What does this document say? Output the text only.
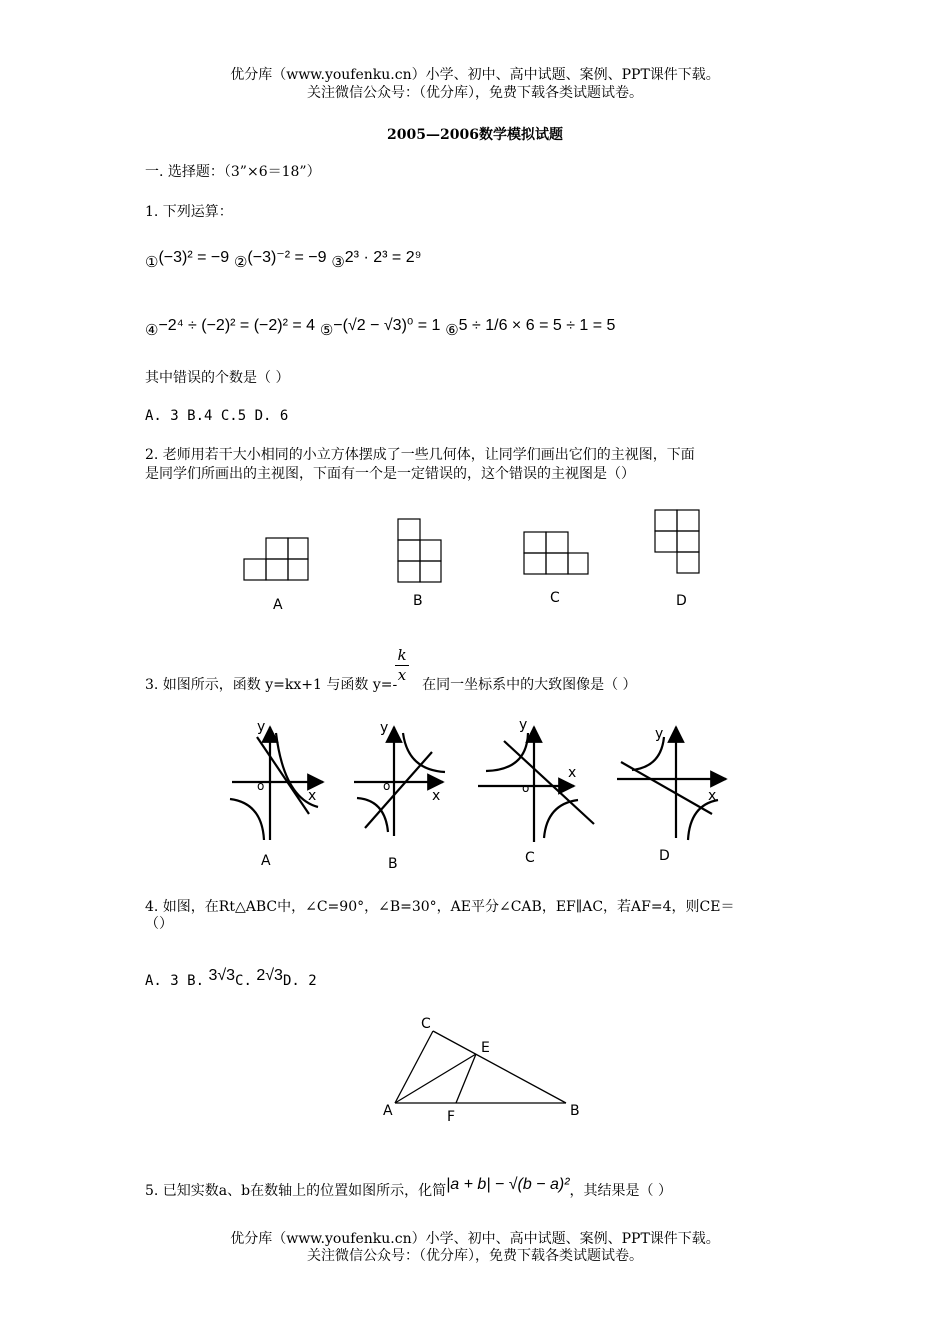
优分库（www.youfenku.cn）小学、初中、高中试题、案例、PPT课件下载。
关注微信公众号：（优分库），免费下载各类试题试卷。
2005—2006数学模拟试题
一. 选择题：（3”×6＝18”）
1. 下列运算：
①(−3)² = −9 ②(−3)⁻² = −9 ③2³ · 2³ = 2⁹
④−2⁴ ÷ (−2)² = (−2)² = 4 ⑤−(√2 − √3)⁰ = 1 ⑥5 ÷ 1/6 × 6 = 5 ÷ 1 = 5
其中错误的个数是（ ）
A. 3 B.4 C.5 D. 6
2. 老师用若干大小相同的小立方体摆成了一些几何体，让同学们画出它们的主视图，下面
是同学们所画出的主视图，下面有一个是一定错误的，这个错误的主视图是（）
A	B	C	D
3. 如图所示，函数 y=kx+1 与函数 y=- 在同一坐标系中的大致图像是（ ）
$\frac{k}{x}$
y
x
o
A
y
x
o
B
y
x
o
C
y
x
D
4. 如图，在Rt△ABC中，∠C=90°，∠B=30°，AE平分∠CAB，EF∥AC，若AF=4，则CE＝
（）
A. 3 B. 3√3C. 2√3D. 2
C
E
A	F	B
5. 已知实数a、b在数轴上的位置如图所示，化简|a + b| − √(b − a)²，其结果是（ ）
优分库（www.youfenku.cn）小学、初中、高中试题、案例、PPT课件下载。
关注微信公众号：（优分库），免费下载各类试题试卷。
